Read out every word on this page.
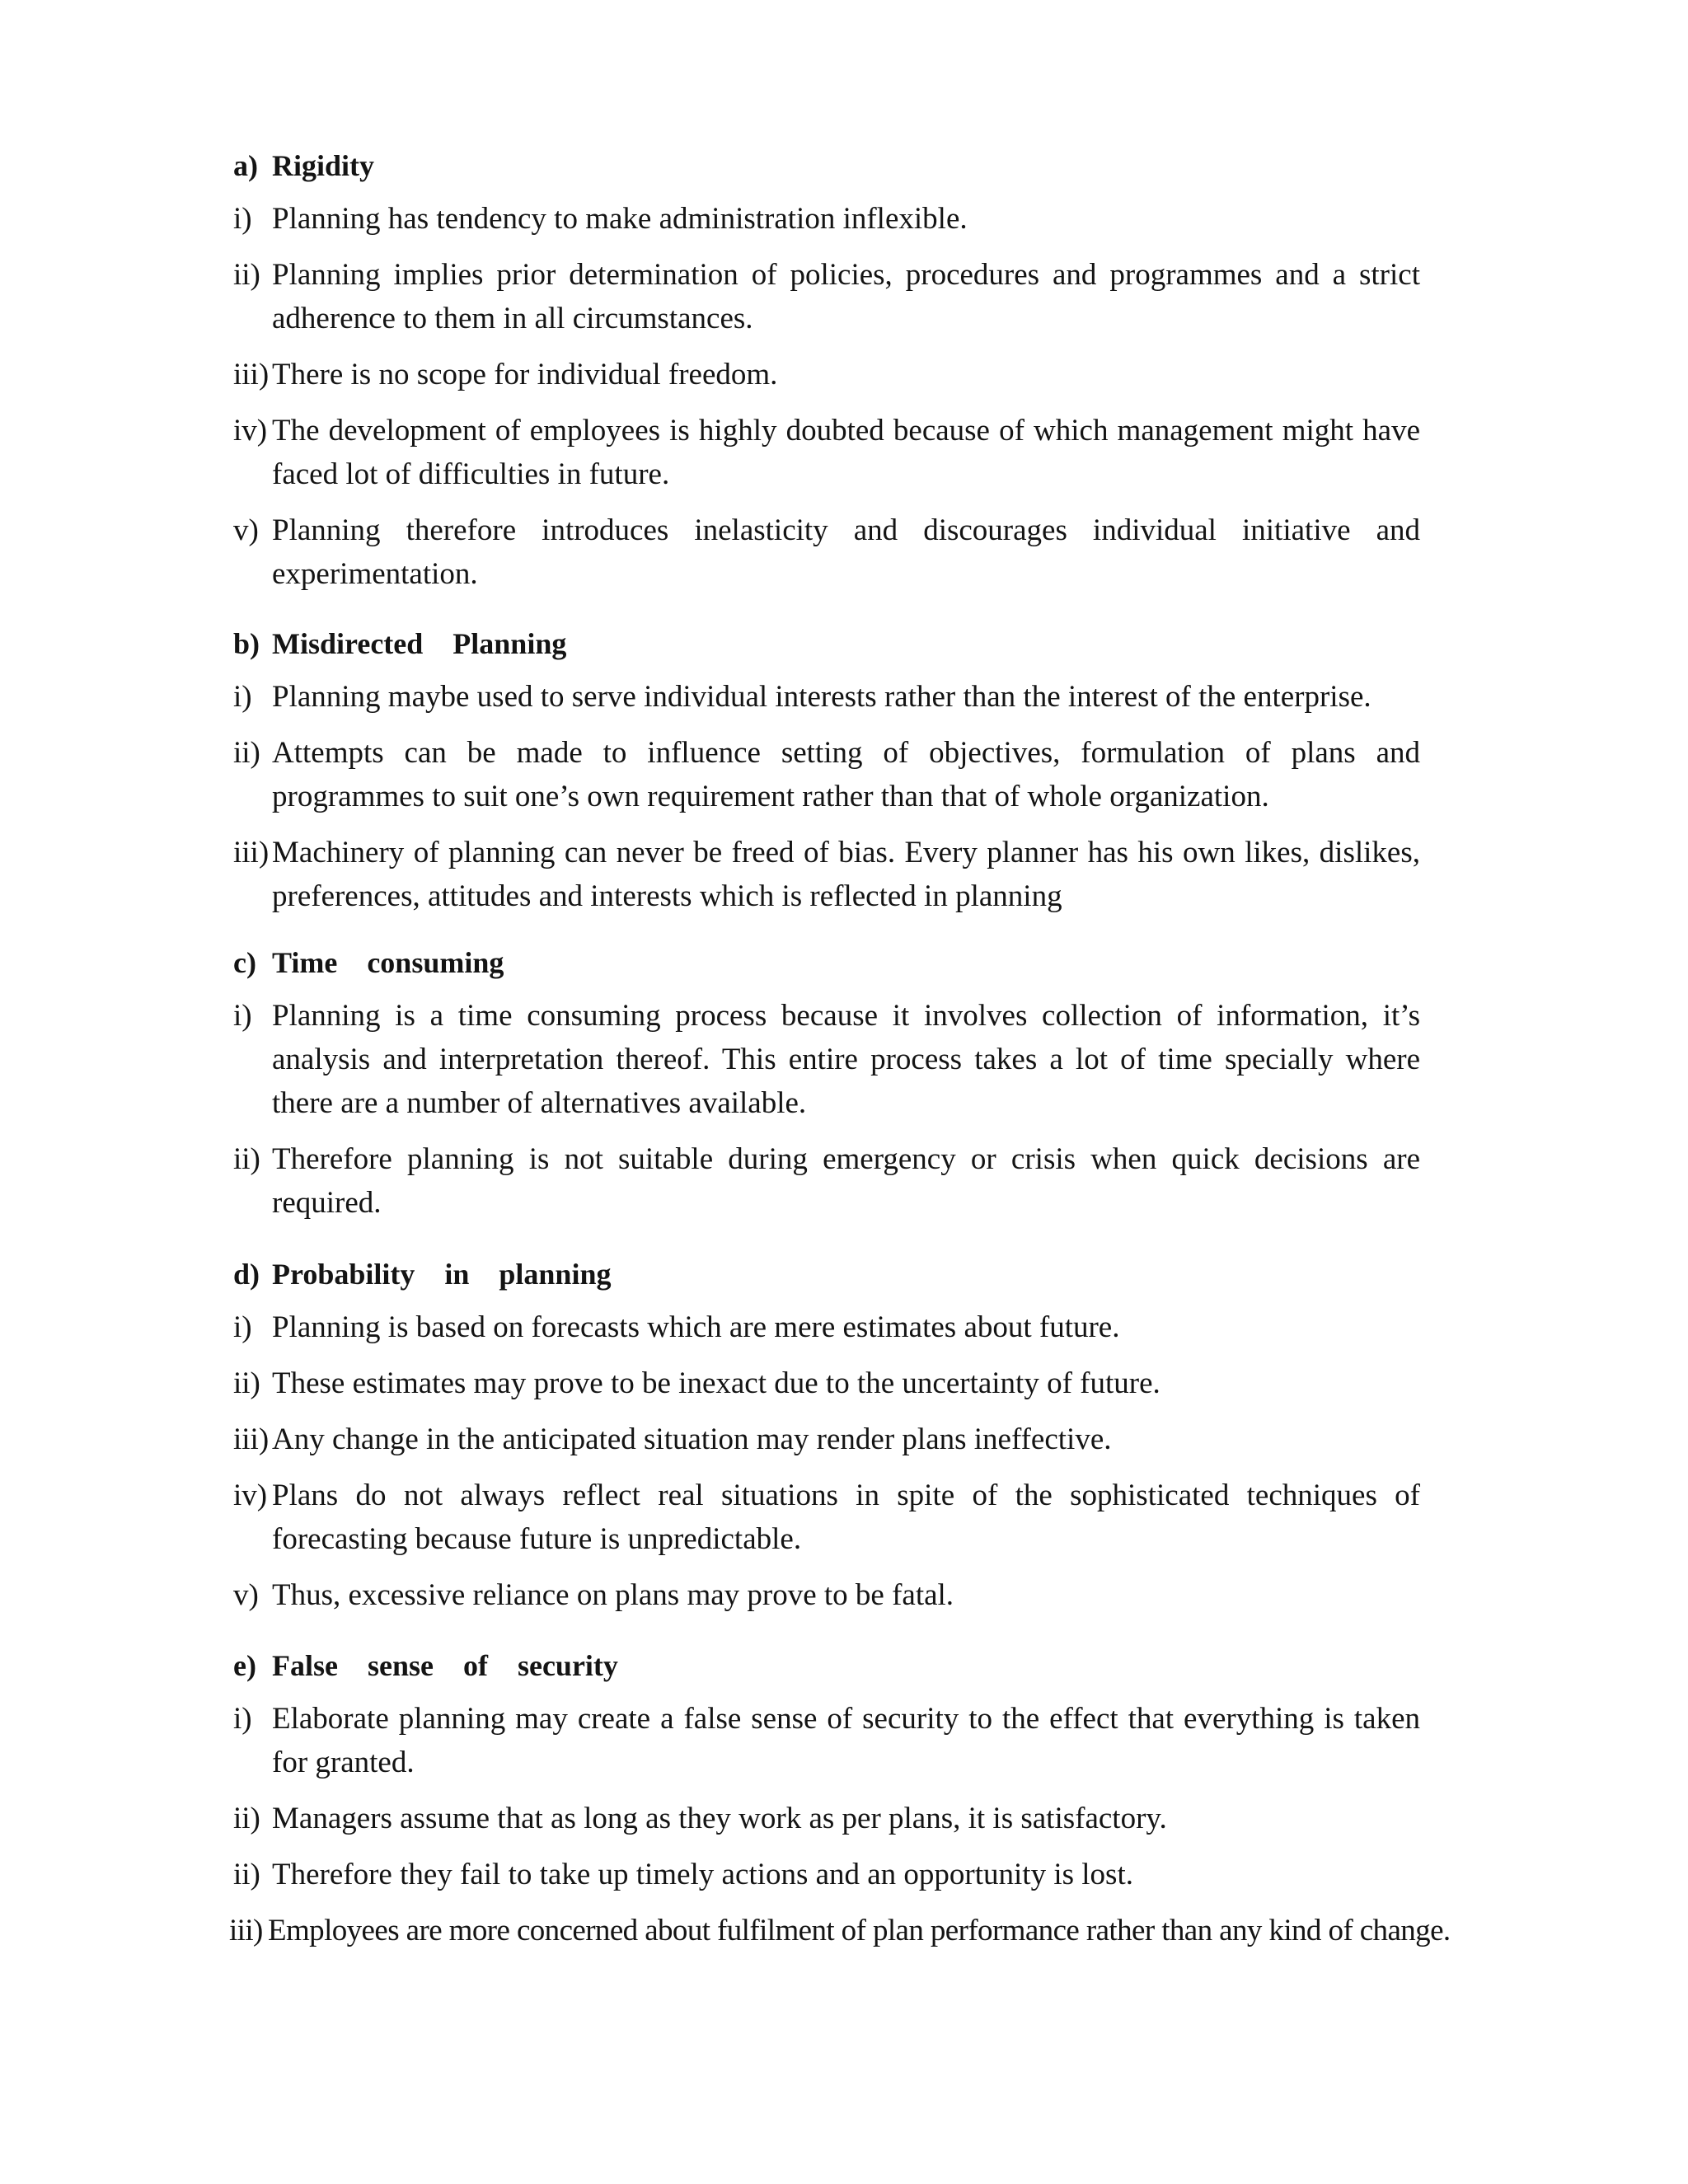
a) Rigidity
i) Planning has tendency to make administration inflexible.
ii) Planning implies prior determination of policies, procedures and programmes and a strict adherence to them in all circumstances.
iii) There is no scope for individual freedom.
iv) The development of employees is highly doubted because of which management might have faced lot of difficulties in future.
v) Planning therefore introduces inelasticity and discourages individual initiative and experimentation.
b) Misdirected  Planning
i) Planning maybe used to serve individual interests rather than the interest of the enterprise.
ii) Attempts can be made to influence setting of objectives, formulation of plans and programmes to suit one’s own requirement rather than that of whole organization.
iii) Machinery of planning can never be freed of bias. Every planner has his own likes, dislikes, preferences, attitudes and interests which is reflected in planning
c) Time  consuming
i) Planning is a time consuming process because it involves collection of information, it’s analysis and interpretation thereof. This entire process takes a lot of time specially where there are a number of alternatives available.
ii) Therefore planning is not suitable during emergency or crisis when quick decisions are required.
d) Probability  in  planning
i) Planning is based on forecasts which are mere estimates about future.
ii) These estimates may prove to be inexact due to the uncertainty of future.
iii) Any change in the anticipated situation may render plans ineffective.
iv) Plans do not always reflect real situations in spite of the sophisticated techniques of forecasting because future is unpredictable.
v) Thus, excessive reliance on plans may prove to be fatal.
e) False  sense  of  security
i) Elaborate planning may create a false sense of security to the effect that everything is taken for granted.
ii) Managers assume that as long as they work as per plans, it is satisfactory.
ii) Therefore they fail to take up timely actions and an opportunity is lost.
iii) Employees are more concerned about fulfilment of plan performance rather than any kind of change.
